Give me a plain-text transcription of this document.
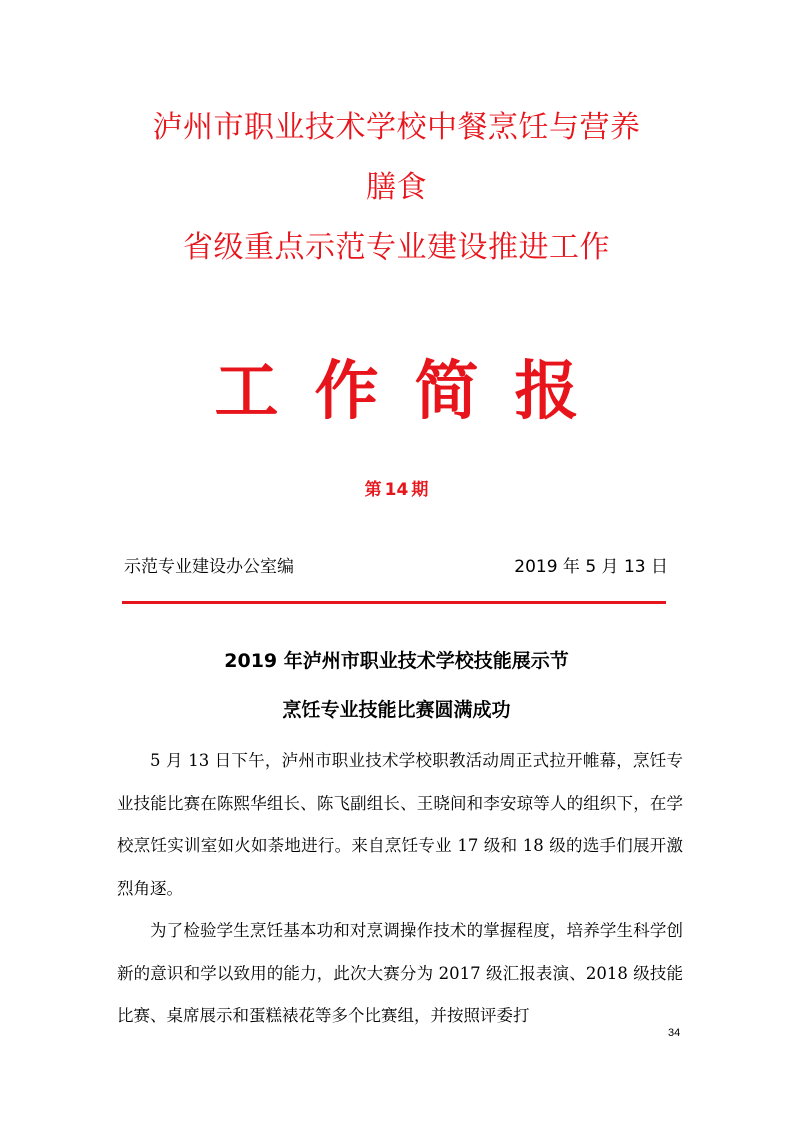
泸州市职业技术学校中餐烹饪与营养
膳食
省级重点示范专业建设推进工作
工作简报
第 14 期
示范专业建设办公室编	2019 年 5 月 13 日
2019 年泸州市职业技术学校技能展示节
烹饪专业技能比赛圆满成功

5 月 13 日下午，泸州市职业技术学校职教活动周正式拉开帷幕，烹饪专业技能比赛在陈熙华组长、陈飞副组长、王晓间和李安琼等人的组织下，在学校烹饪实训室如火如荼地进行。来自烹饪专业 17 级和 18 级的选手们展开激烈角逐。

为了检验学生烹饪基本功和对烹调操作技术的掌握程度，培养学生科学创新的意识和学以致用的能力，此次大赛分为 2017 级汇报表演、2018 级技能比赛、桌席展示和蛋糕裱花等多个比赛组，并按照评委打

34
